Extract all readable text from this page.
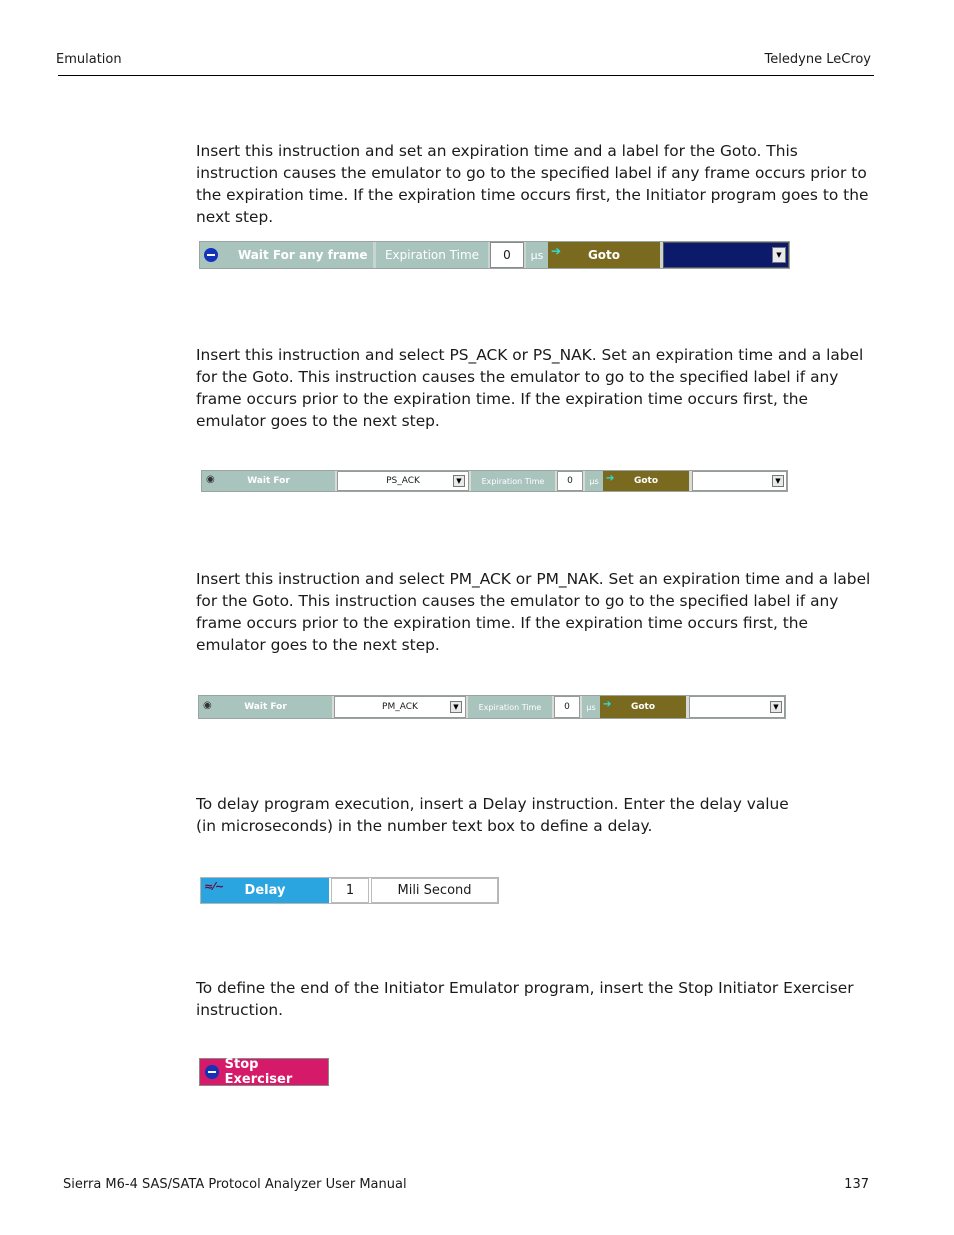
Emulation	Teledyne LeCroy

Insert this instruction and set an expiration time and a label for the Goto. This instruction causes the emulator to go to the specified label if any frame occurs prior to the expiration time. If the expiration time occurs first, the Initiator program goes to the next step.

Wait For any frame	Expiration Time	0	µs ➔ Goto	▼

Insert this instruction and select PS_ACK or PS_NAK. Set an expiration time and a label for the Goto. This instruction causes the emulator to go to the specified label if any frame occurs prior to the expiration time. If the expiration time occurs first, the emulator goes to the next step.

◉	Wait For	PS_ACK	▼	Expiration Time	0	µs ➔ Goto	▼

Insert this instruction and select PM_ACK or PM_NAK. Set an expiration time and a label for the Goto. This instruction causes the emulator to go to the specified label if any frame occurs prior to the expiration time. If the expiration time occurs first, the emulator goes to the next step.

◉	Wait For	PM_ACK	▼	Expiration Time	0	µs ➔ Goto	▼

To delay program execution, insert a Delay instruction. Enter the delay value (in microseconds) in the number text box to define a delay.

≈⁄∼ Delay	1	Mili Second

To define the end of the Initiator Emulator program, insert the Stop Initiator Exerciser instruction.

Stop Exerciser
Sierra M6-4 SAS/SATA Protocol Analyzer User Manual	137
